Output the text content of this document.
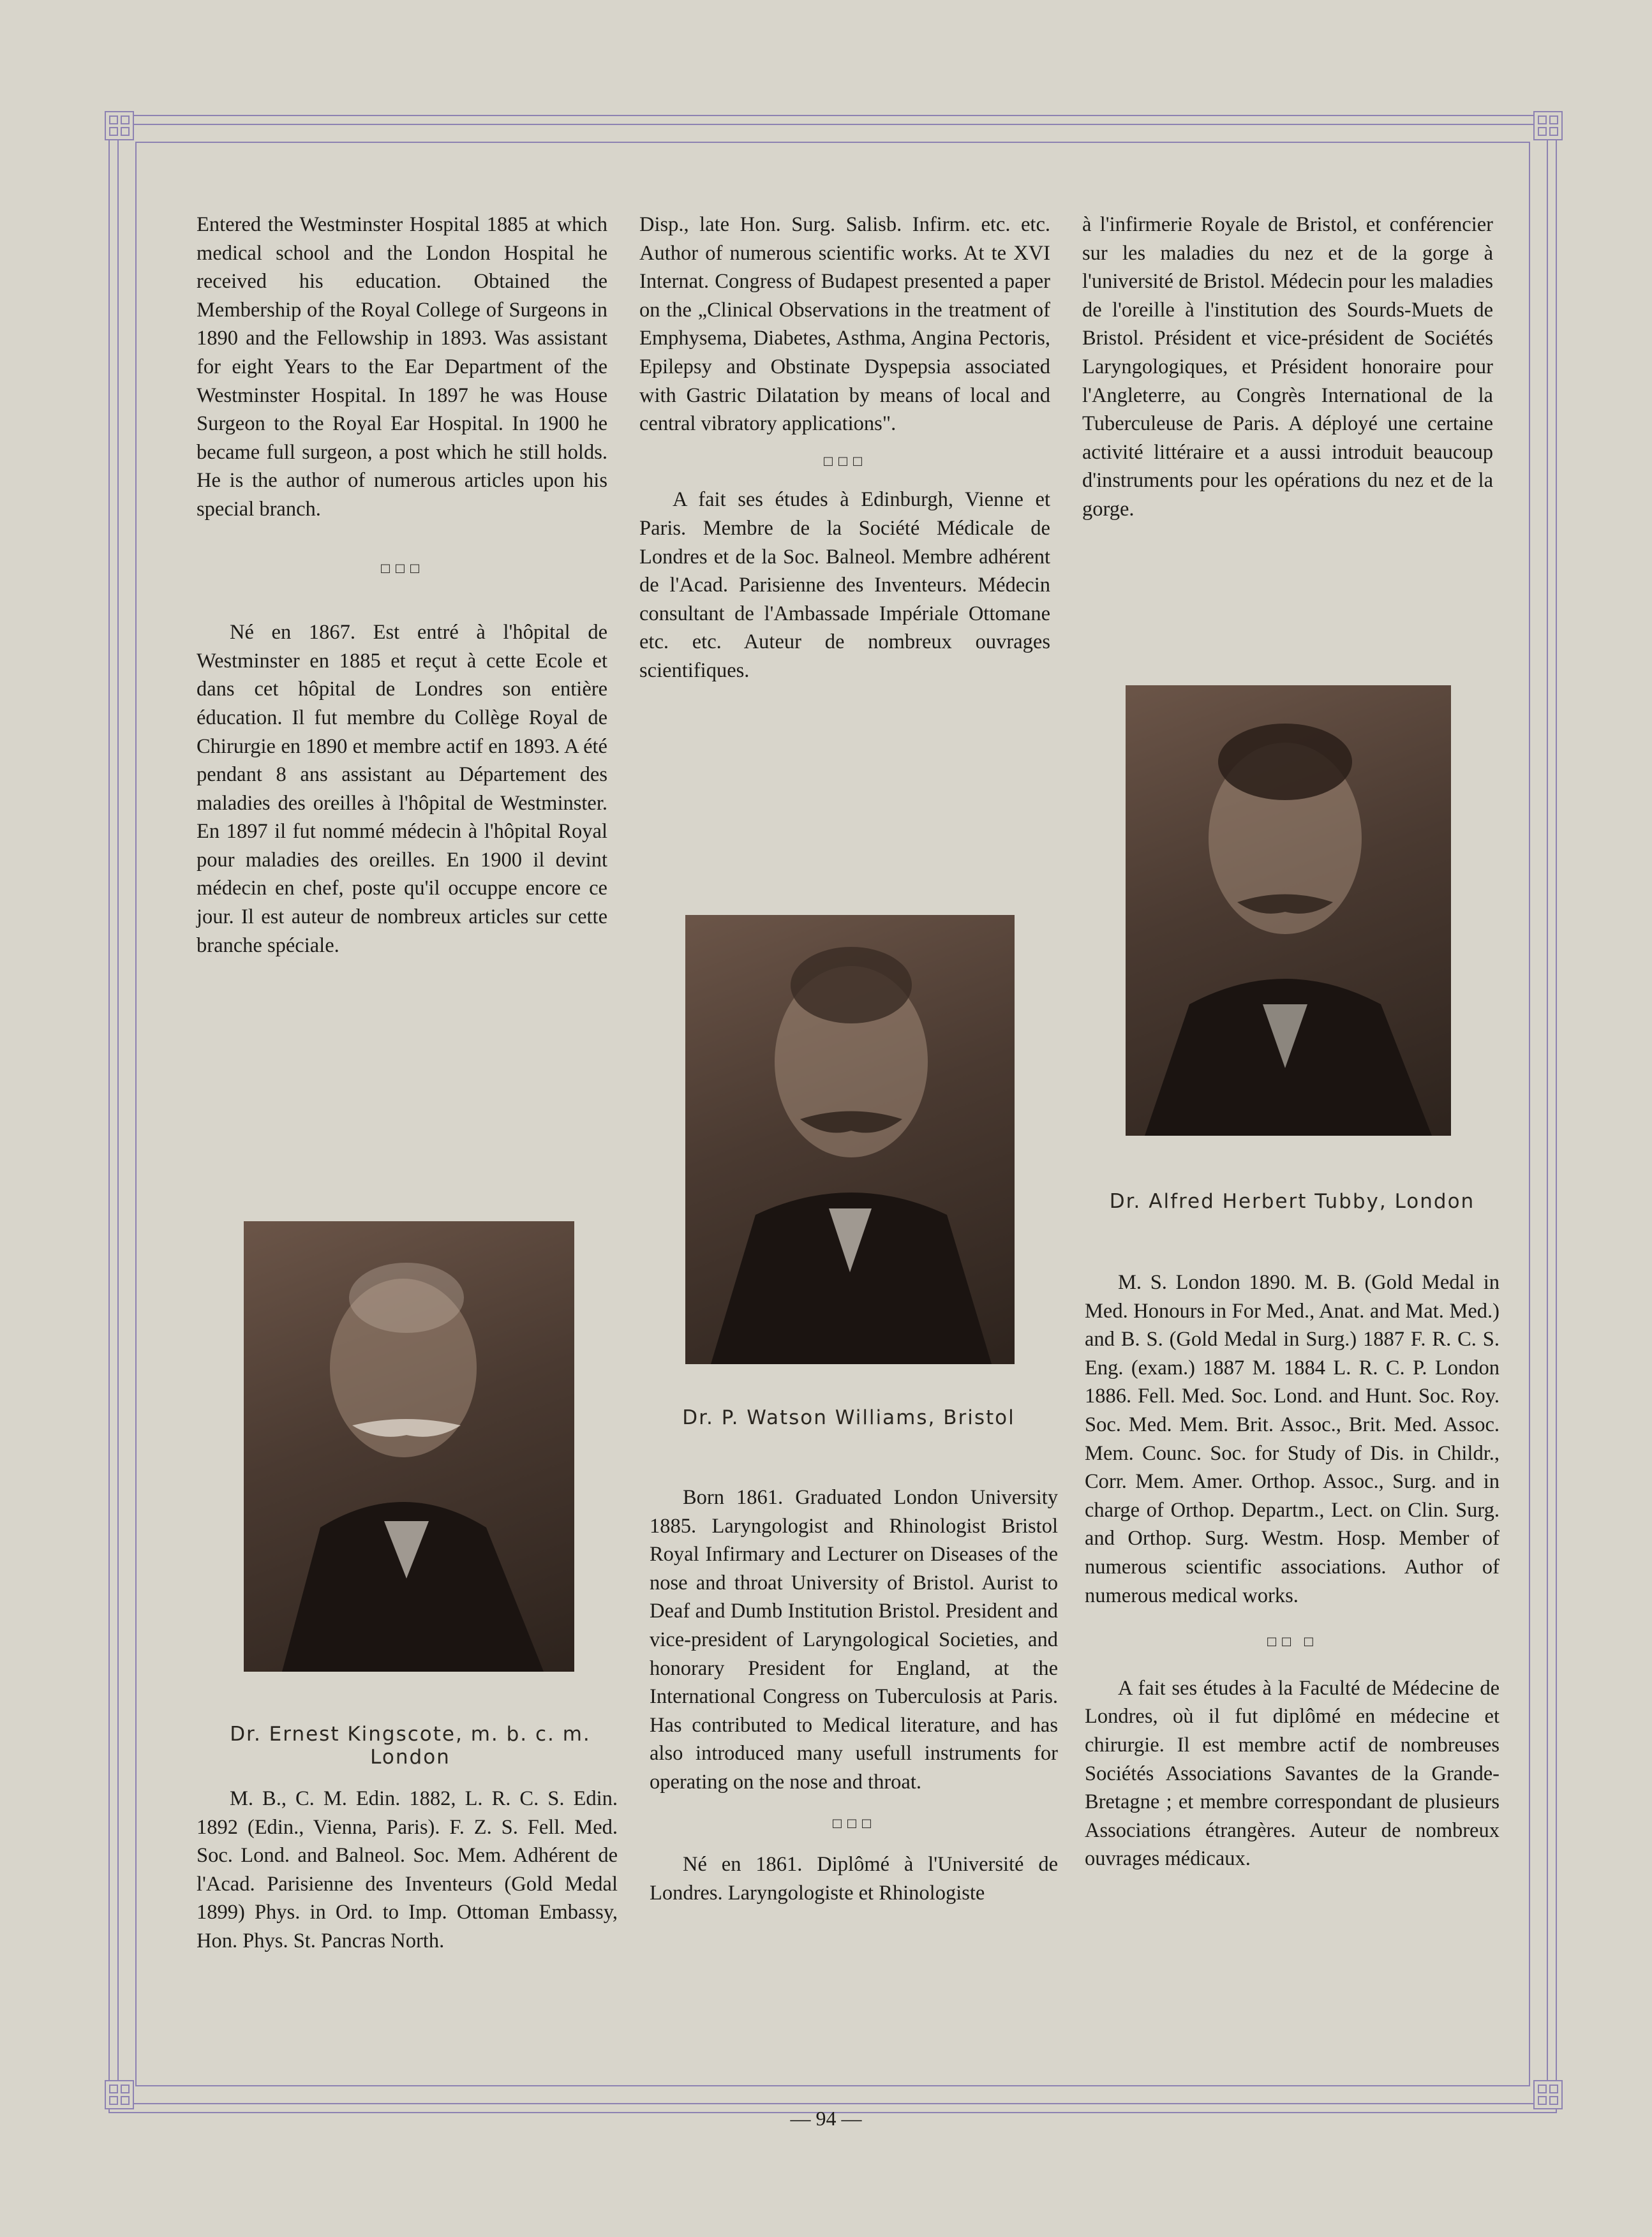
Entered the Westminster Hospital 1885 at which medical school and the London Hospital he received his education. Obtained the Membership of the Royal College of Surgeons in 1890 and the Fellowship in 1893. Was assistant for eight Years to the Ear Department of the Westminster Hospital. In 1897 he was House Surgeon to the Royal Ear Hospital. In 1900 he became full surgeon, a post which he still holds. He is the author of numerous articles upon his special branch.

□□□

Né en 1867. Est entré à l'hôpital de Westminster en 1885 et reçut à cette Ecole et dans cet hôpital de Londres son entière éducation. Il fut membre du Collège Royal de Chirurgie en 1890 et membre actif en 1893. A été pendant 8 ans assistant au Département des maladies des oreilles à l'hôpital de Westminster. En 1897 il fut nommé médecin à l'hôpital Royal pour maladies des oreilles. En 1900 il devint médecin en chef, poste qu'il occuppe encore ce jour. Il est auteur de nombreux articles sur cette branche spéciale.

Dr. Ernest Kingscote, m. b. c. m. London

M. B., C. M. Edin. 1882, L. R. C. S. Edin. 1892 (Edin., Vienna, Paris). F. Z. S. Fell. Med. Soc. Lond. and Balneol. Soc. Mem. Adhérent de l'Acad. Parisienne des Inventeurs (Gold Medal 1899) Phys. in Ord. to Imp. Ottoman Embassy, Hon. Phys. St. Pancras North.

Disp., late Hon. Surg. Salisb. Infirm. etc. etc. Author of numerous scientific works. At te XVI Internat. Congress of Budapest presented a paper on the „Clinical Observations in the treatment of Emphysema, Diabetes, Asthma, Angina Pectoris, Epilepsy and Obstinate Dyspepsia associated with Gastric Dilatation by means of local and central vibratory applications".

□□□

A fait ses études à Edinburgh, Vienne et Paris. Membre de la Société Médicale de Londres et de la Soc. Balneol. Membre adhérent de l'Acad. Parisienne des Inventeurs. Médecin consultant de l'Ambassade Impériale Ottomane etc. etc. Auteur de nombreux ouvrages scientifiques.

Dr. P. Watson Williams, Bristol

Born 1861. Graduated London University 1885. Laryngologist and Rhinologist Bristol Royal Infirmary and Lecturer on Diseases of the nose and throat University of Bristol. Aurist to Deaf and Dumb Institution Bristol. President and vice-president of Laryngological Societies, and honorary President for England, at the International Congress on Tuberculosis at Paris. Has contributed to Medical literature, and has also introduced many usefull instruments for operating on the nose and throat.

□□□

Né en 1861. Diplômé à l'Université de Londres. Laryngologiste et Rhinologiste

à l'infirmerie Royale de Bristol, et conférencier sur les maladies du nez et de la gorge à l'université de Bristol. Médecin pour les maladies de l'oreille à l'institution des Sourds-Muets de Bristol. Président et vice-président de Sociétés Laryngologiques, et Président honoraire pour l'Angleterre, au Congrès International de la Tuberculeuse de Paris. A déployé une certaine activité littéraire et a aussi introduit beaucoup d'instruments pour les opérations du nez et de la gorge.

Dr. Alfred Herbert Tubby, London

M. S. London 1890. M. B. (Gold Medal in Med. Honours in For Med., Anat. and Mat. Med.) and B. S. (Gold Medal in Surg.) 1887 F. R. C. S. Eng. (exam.) 1887 M. 1884 L. R. C. P. London 1886. Fell. Med. Soc. Lond. and Hunt. Soc. Roy. Soc. Med. Mem. Brit. Assoc., Brit. Med. Assoc. Mem. Counc. Soc. for Study of Dis. in Childr., Corr. Mem. Amer. Orthop. Assoc., Surg. and in charge of Orthop. Departm., Lect. on Clin. Surg. and Orthop. Surg. Westm. Hosp. Member of numerous scientific associations. Author of numerous medical works.

□□ □

A fait ses études à la Faculté de Médecine de Londres, où il fut diplômé en médecine et chirurgie. Il est membre actif de nombreuses Sociétés Associations Savantes de la Grande-Bretagne ; et membre correspondant de plusieurs Associations étrangères. Auteur de nombreux ouvrages médicaux.

— 94 —
